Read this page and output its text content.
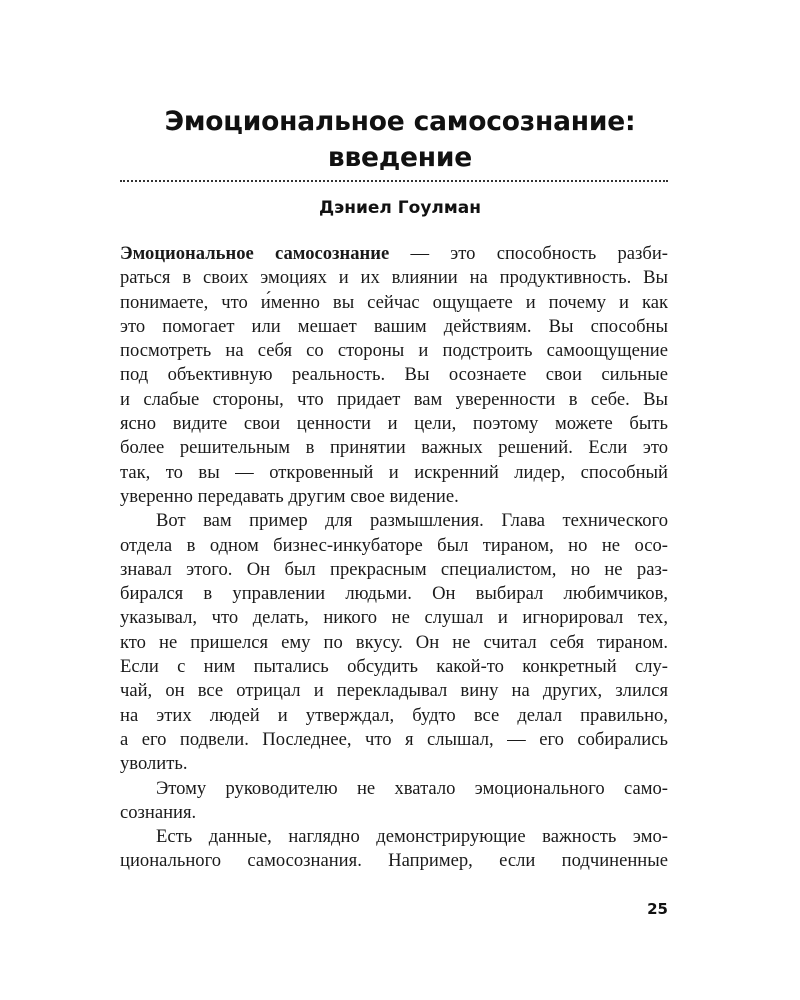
Эмоциональное самосознание:
введение
Дэниел Гоулман
Эмоциональное самосознание — это способность разби-
раться в своих эмоциях и их влиянии на продуктивность. Вы
понимаете, что и́менно вы сейчас ощущаете и почему и как
это помогает или мешает вашим действиям. Вы способны
посмотреть на себя со стороны и подстроить самоощущение
под объективную реальность. Вы осознаете свои сильные
и слабые стороны, что придает вам уверенности в себе. Вы
ясно видите свои ценности и цели, поэтому можете быть
более решительным в принятии важных решений. Если это
так, то вы — откровенный и искренний лидер, способный
уверенно передавать другим свое видение.
Вот вам пример для размышления. Глава технического
отдела в одном бизнес-инкубаторе был тираном, но не осо-
знавал этого. Он был прекрасным специалистом, но не раз-
бирался в управлении людьми. Он выбирал любимчиков,
указывал, что делать, никого не слушал и игнорировал тех,
кто не пришелся ему по вкусу. Он не считал себя тираном.
Если с ним пытались обсудить какой-то конкретный слу-
чай, он все отрицал и перекладывал вину на других, злился
на этих людей и утверждал, будто все делал правильно,
а его подвели. Последнее, что я слышал, — его собирались
уволить.
Этому руководителю не хватало эмоционального само-
сознания.
Есть данные, наглядно демонстрирующие важность эмо-
ционального самосознания. Например, если подчиненные
25
